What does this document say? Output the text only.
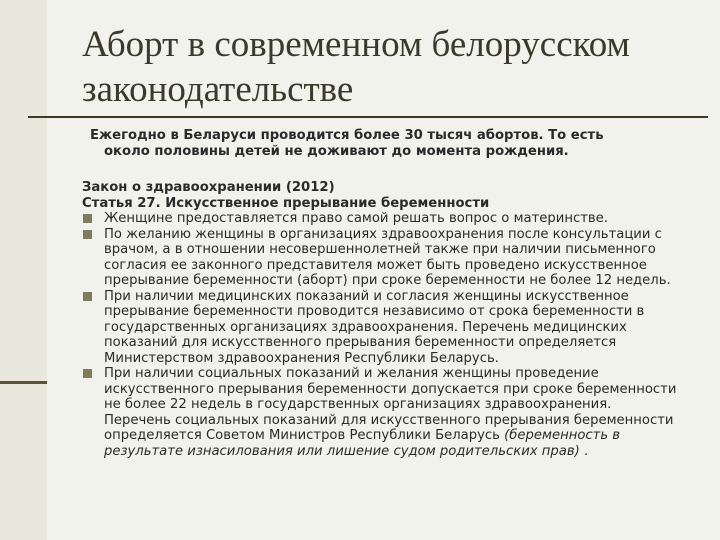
Аборт в современном белорусском законодательстве

Ежегодно в Беларуси проводится более 30 тысяч абортов. То есть

около половины детей не доживают до момента рождения.

Закон о здравоохранении (2012)

Статья 27. Искусственное прерывание беременности

Женщине предоставляется право самой решать вопрос о материнстве.
По желанию женщины в организациях здравоохранения после консультации с врачом, а в отношении несовершеннолетней также при наличии письменного согласия ее законного представителя может быть проведено искусственное прерывание беременности (аборт) при сроке беременности не более 12 недель.
При наличии медицинских показаний и согласия женщины искусственное прерывание беременности проводится независимо от срока беременности в государственных организациях здравоохранения. Перечень медицинских показаний для искусственного прерывания беременности определяется Министерством здравоохранения Республики Беларусь.
При наличии социальных показаний и желания женщины проведение искусственного прерывания беременности допускается при сроке беременности не более 22 недель в государственных организациях здравоохранения. Перечень социальных показаний для искусственного прерывания беременности определяется Советом Министров Республики Беларусь (беременность в результате изнасилования или лишение судом родительских прав) .
